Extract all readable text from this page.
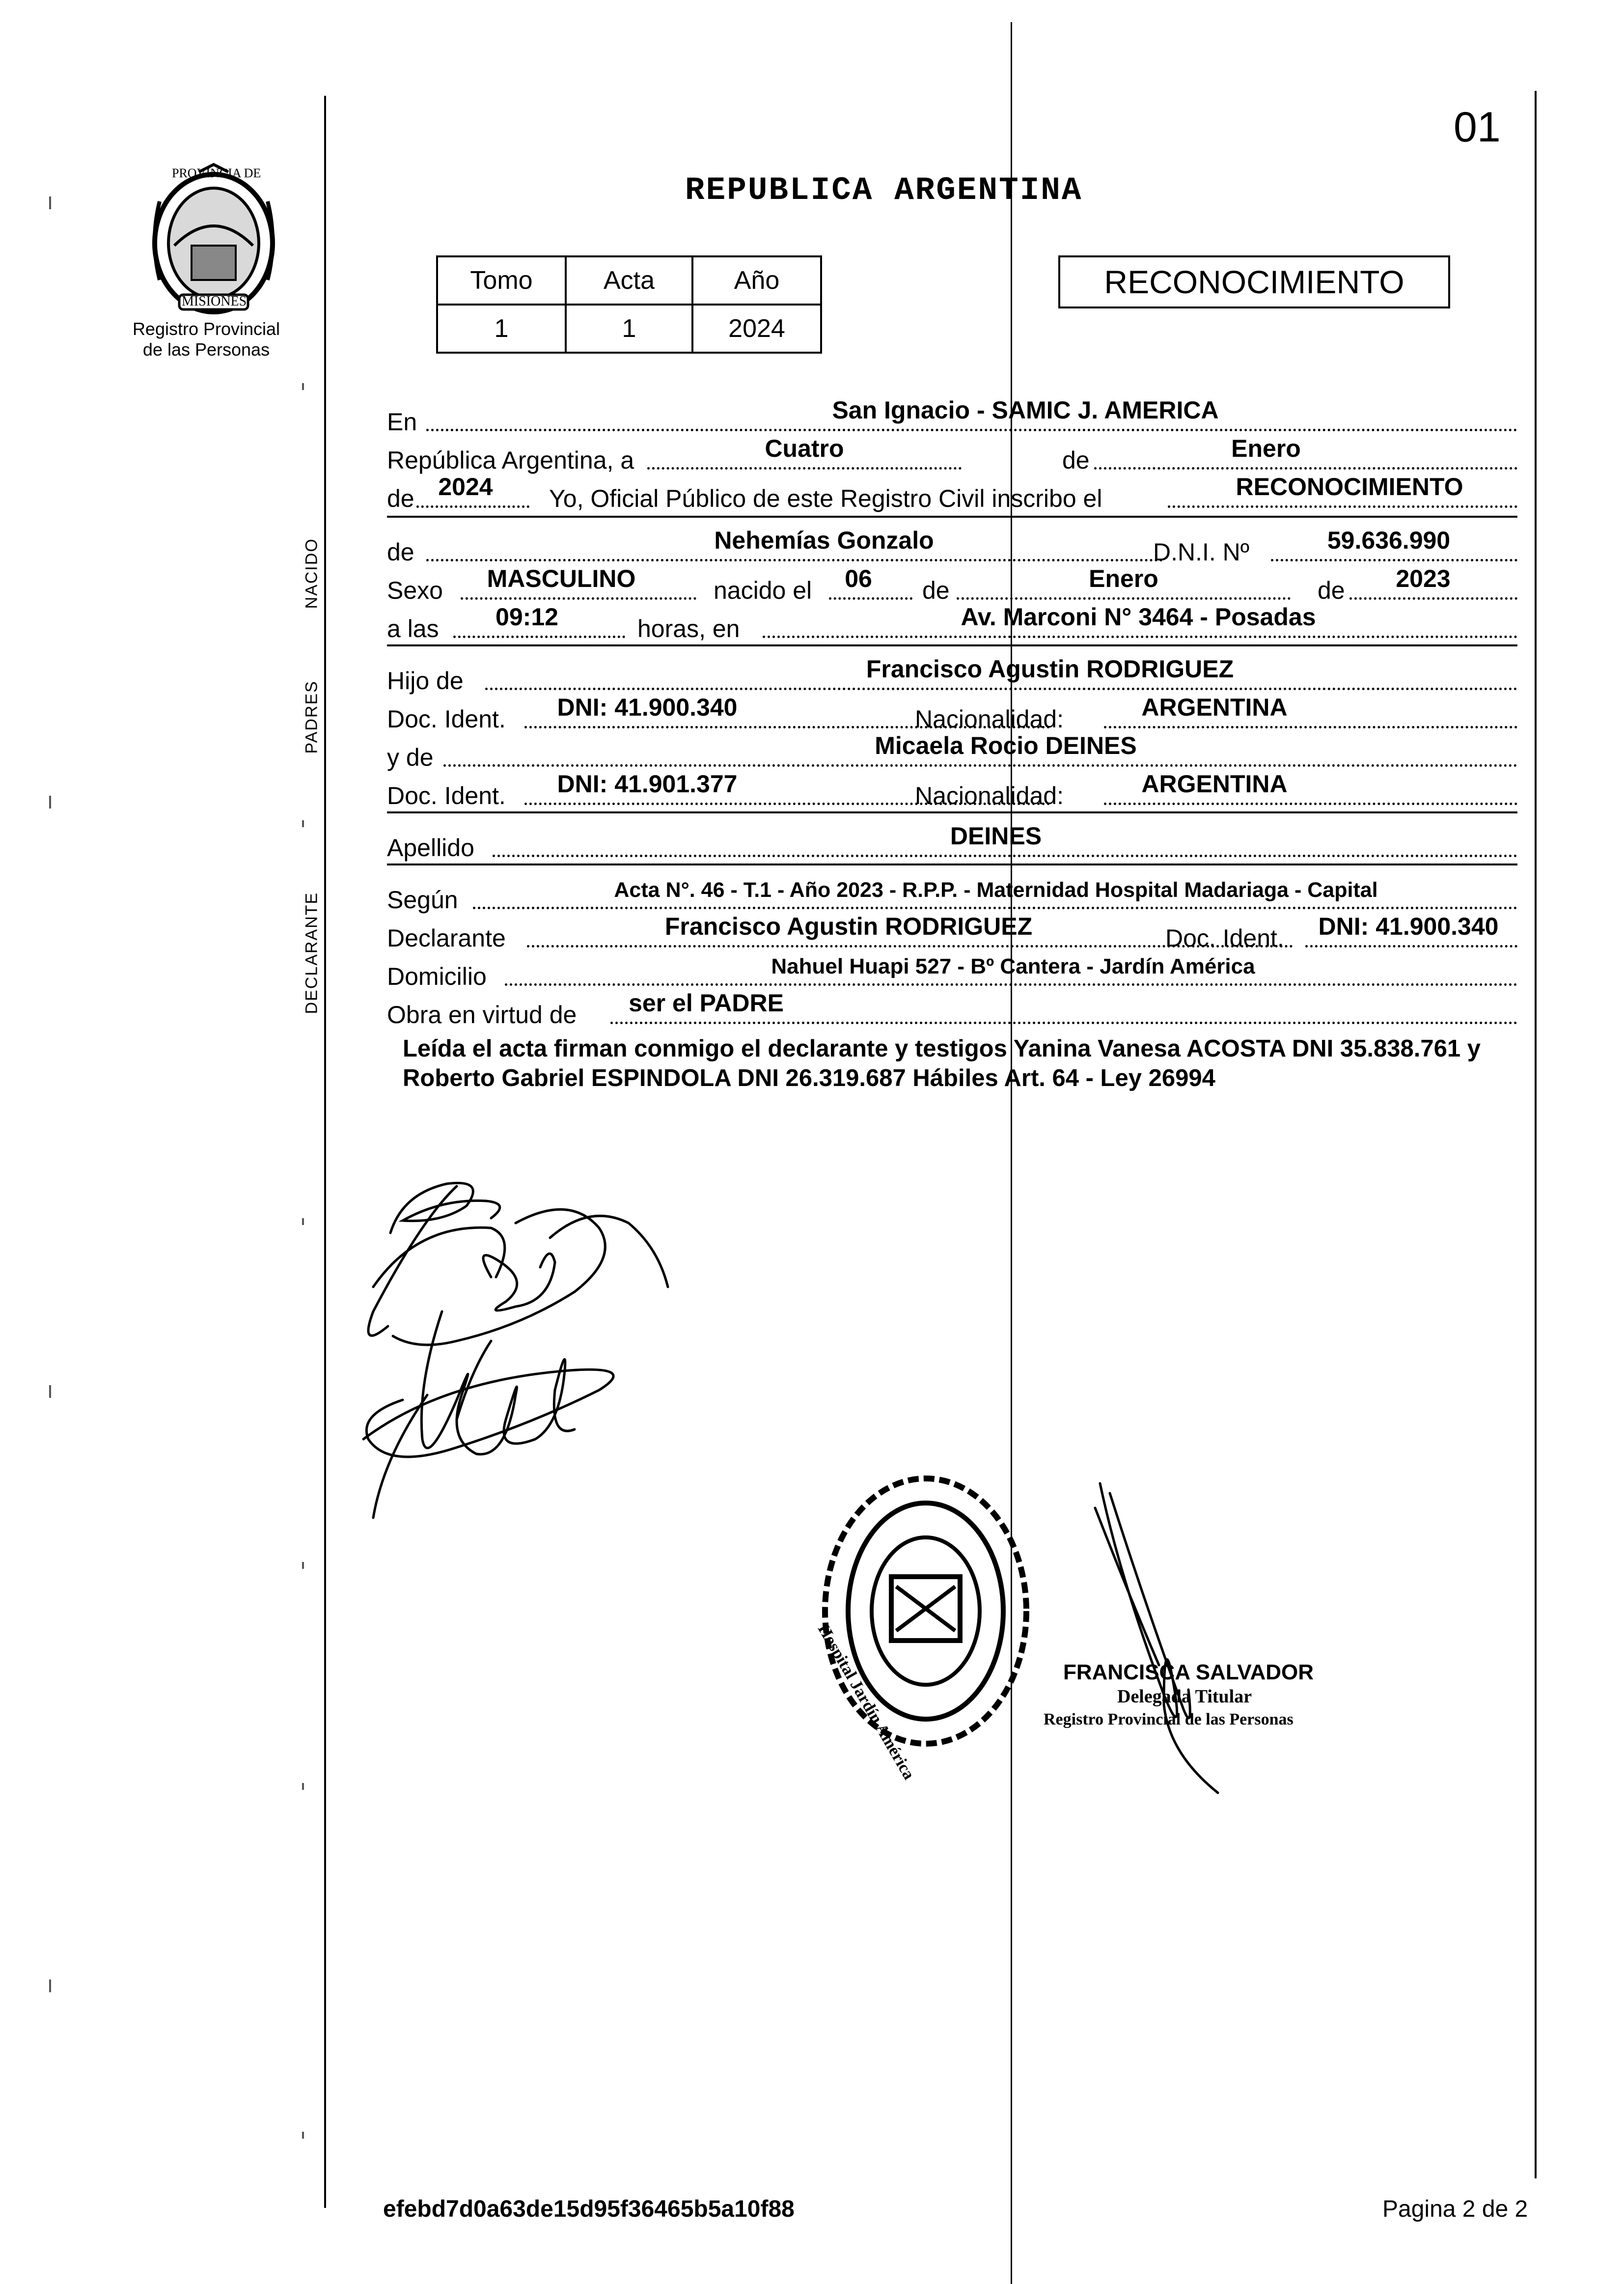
PROVINCIA DE
MISIONES
Registro Provincial
de las Personas
01
REPUBLICA ARGENTINA
Tomo	Acta	Año
1	1	2024
RECONOCIMIENTO
En	San Ignacio - SAMIC J. AMERICA
República Argentina, a	Cuatro	de	Enero
de 2024	Yo, Oficial Público de este Registro Civil inscribo el	RECONOCIMIENTO
NACIDO	de	Nehemías Gonzalo	D.N.I. Nº	59.636.990
Sexo	MASCULINO	nacido el	06	de	Enero	de	2023
a las	09:12	horas, en	Av. Marconi N° 3464 - Posadas
PADRES	Hijo de	Francisco Agustin RODRIGUEZ
Doc. Ident.	DNI: 41.900.340	Nacionalidad:	ARGENTINA
y de	Micaela Rocio DEINES
Doc. Ident.	DNI: 41.901.377	Nacionalidad:	ARGENTINA
Apellido	DEINES
DECLARANTE	Según	Acta N°. 46 - T.1 - Año 2023 - R.P.P. - Maternidad Hospital Madariaga - Capital
Declarante	Francisco Agustin RODRIGUEZ	Doc. Ident.	DNI: 41.900.340
Domicilio	Nahuel Huapi 527 - Bº Cantera - Jardín América
Obra en virtud de	ser el PADRE
Leída el acta firman conmigo el declarante y testigos Yanina Vanesa ACOSTA DNI 35.838.761 y Roberto Gabriel ESPINDOLA DNI 26.319.687 Hábiles Art. 64 - Ley 26994
Hospital Jardín América	FRANCISCA SALVADOR
Delegada Titular
Registro Provincial de las Personas
efebd7d0a63de15d95f36465b5a10f88	Pagina 2 de 2
